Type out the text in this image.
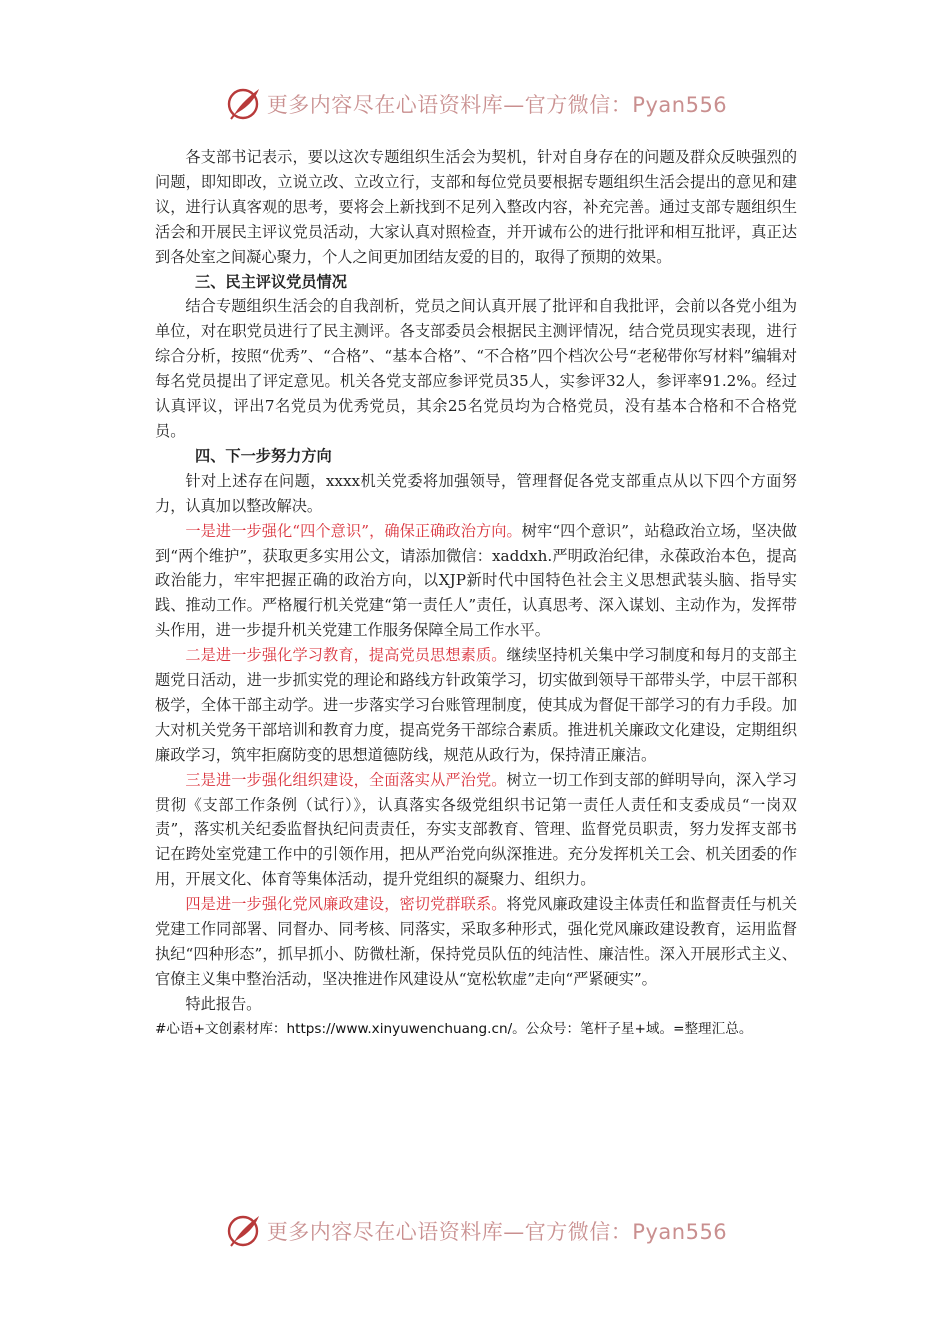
更多内容尽在心语资料库—官方微信：Pyan556

各支部书记表示，要以这次专题组织生活会为契机，针对自身存在的问题及群众反映强烈的问题，即知即改，立说立改、立改立行，支部和每位党员要根据专题组织生活会提出的意见和建议，进行认真客观的思考，要将会上新找到不足列入整改内容，补充完善。通过支部专题组织生活会和开展民主评议党员活动，大家认真对照检查，并开诚布公的进行批评和相互批评，真正达到各处室之间凝心聚力，个人之间更加团结友爱的目的，取得了预期的效果。

三、民主评议党员情况

结合专题组织生活会的自我剖析，党员之间认真开展了批评和自我批评，会前以各党小组为单位，对在职党员进行了民主测评。各支部委员会根据民主测评情况，结合党员现实表现，进行综合分析，按照“优秀”、“合格”、“基本合格”、“不合格”四个档次公号“老秘带你写材料”编辑对每名党员提出了评定意见。机关各党支部应参评党员35人，实参评32人，参评率91.2%。经过认真评议，评出7名党员为优秀党员，其余25名党员均为合格党员，没有基本合格和不合格党员。

四、下一步努力方向

针对上述存在问题，xxxx机关党委将加强领导，管理督促各党支部重点从以下四个方面努力，认真加以整改解决。

一是进一步强化“四个意识”，确保正确政治方向。树牢“四个意识”，站稳政治立场，坚决做到“两个维护”，获取更多实用公文，请添加微信：xaddxh.严明政治纪律，永葆政治本色，提高政治能力，牢牢把握正确的政治方向，以XJP新时代中国特色社会主义思想武装头脑、指导实践、推动工作。严格履行机关党建“第一责任人”责任，认真思考、深入谋划、主动作为，发挥带头作用，进一步提升机关党建工作服务保障全局工作水平。

二是进一步强化学习教育，提高党员思想素质。继续坚持机关集中学习制度和每月的支部主题党日活动，进一步抓实党的理论和路线方针政策学习，切实做到领导干部带头学，中层干部积极学，全体干部主动学。进一步落实学习台账管理制度，使其成为督促干部学习的有力手段。加大对机关党务干部培训和教育力度，提高党务干部综合素质。推进机关廉政文化建设，定期组织廉政学习，筑牢拒腐防变的思想道德防线，规范从政行为，保持清正廉洁。

三是进一步强化组织建设，全面落实从严治党。树立一切工作到支部的鲜明导向，深入学习贯彻《支部工作条例（试行）》，认真落实各级党组织书记第一责任人责任和支委成员“一岗双责”，落实机关纪委监督执纪问责责任，夯实支部教育、管理、监督党员职责，努力发挥支部书记在跨处室党建工作中的引领作用，把从严治党向纵深推进。充分发挥机关工会、机关团委的作用，开展文化、体育等集体活动，提升党组织的凝聚力、组织力。

四是进一步强化党风廉政建设，密切党群联系。将党风廉政建设主体责任和监督责任与机关党建工作同部署、同督办、同考核、同落实，采取多种形式，强化党风廉政建设教育，运用监督执纪“四种形态”，抓早抓小、防微杜渐，保持党员队伍的纯洁性、廉洁性。深入开展形式主义、官僚主义集中整治活动，坚决推进作风建设从“宽松软虚”走向“严紧硬实”。

特此报告。

#心语+文创素材库：https://www.xinyuwenchuang.cn/。公众号：笔杆子星+域。=整理汇总。

更多内容尽在心语资料库—官方微信：Pyan556
